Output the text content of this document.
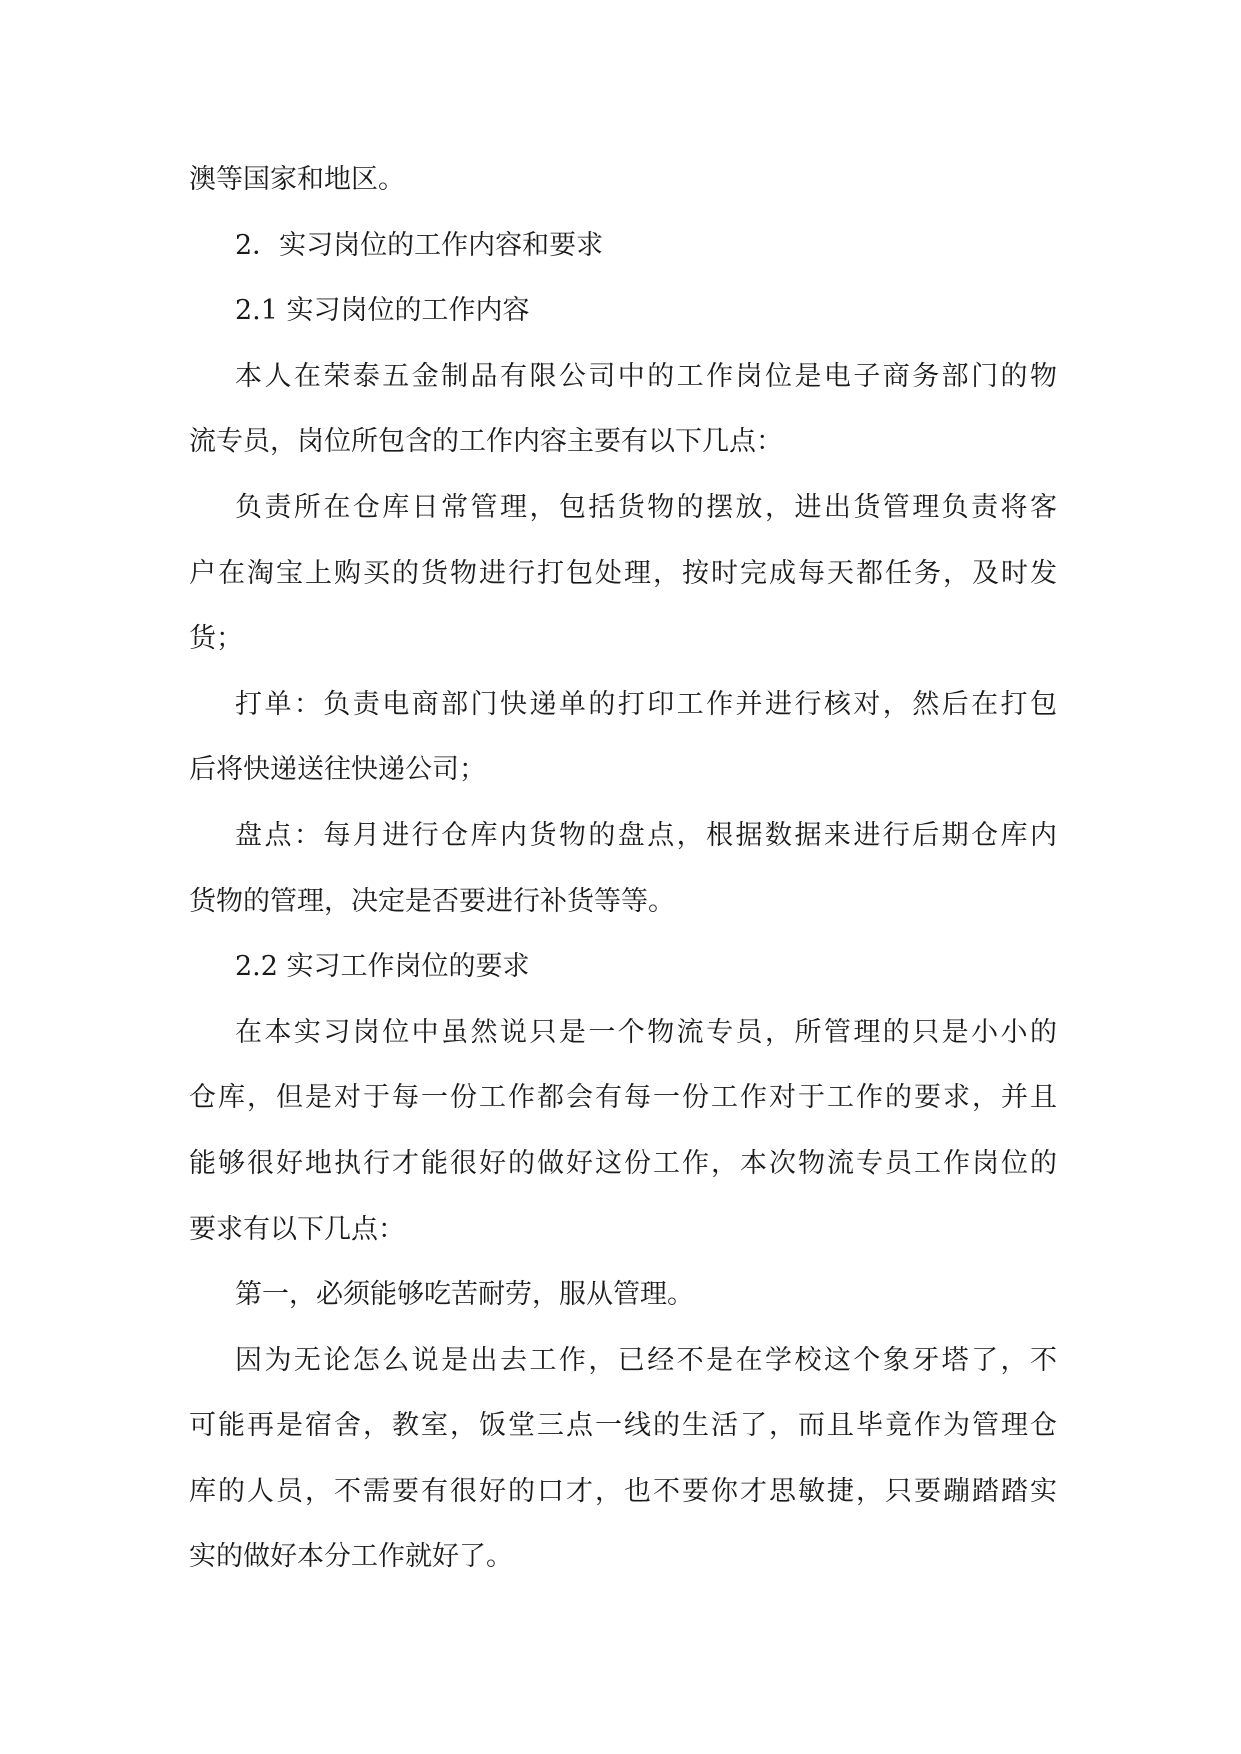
澳等国家和地区。
2．实习岗位的工作内容和要求
2.1 实习岗位的工作内容
本人在荣泰五金制品有限公司中的工作岗位是电子商务部门的物
流专员，岗位所包含的工作内容主要有以下几点：
负责所在仓库日常管理，包括货物的摆放，进出货管理负责将客
户在淘宝上购买的货物进行打包处理，按时完成每天都任务，及时发
货；
打单：负责电商部门快递单的打印工作并进行核对，然后在打包
后将快递送往快递公司；
盘点：每月进行仓库内货物的盘点，根据数据来进行后期仓库内
货物的管理，决定是否要进行补货等等。
2.2 实习工作岗位的要求
在本实习岗位中虽然说只是一个物流专员，所管理的只是小小的
仓库，但是对于每一份工作都会有每一份工作对于工作的要求，并且
能够很好地执行才能很好的做好这份工作，本次物流专员工作岗位的
要求有以下几点：
第一，必须能够吃苦耐劳，服从管理。
因为无论怎么说是出去工作，已经不是在学校这个象牙塔了，不
可能再是宿舍，教室，饭堂三点一线的生活了，而且毕竟作为管理仓
库的人员，不需要有很好的口才，也不要你才思敏捷，只要蹦踏踏实
实的做好本分工作就好了。
